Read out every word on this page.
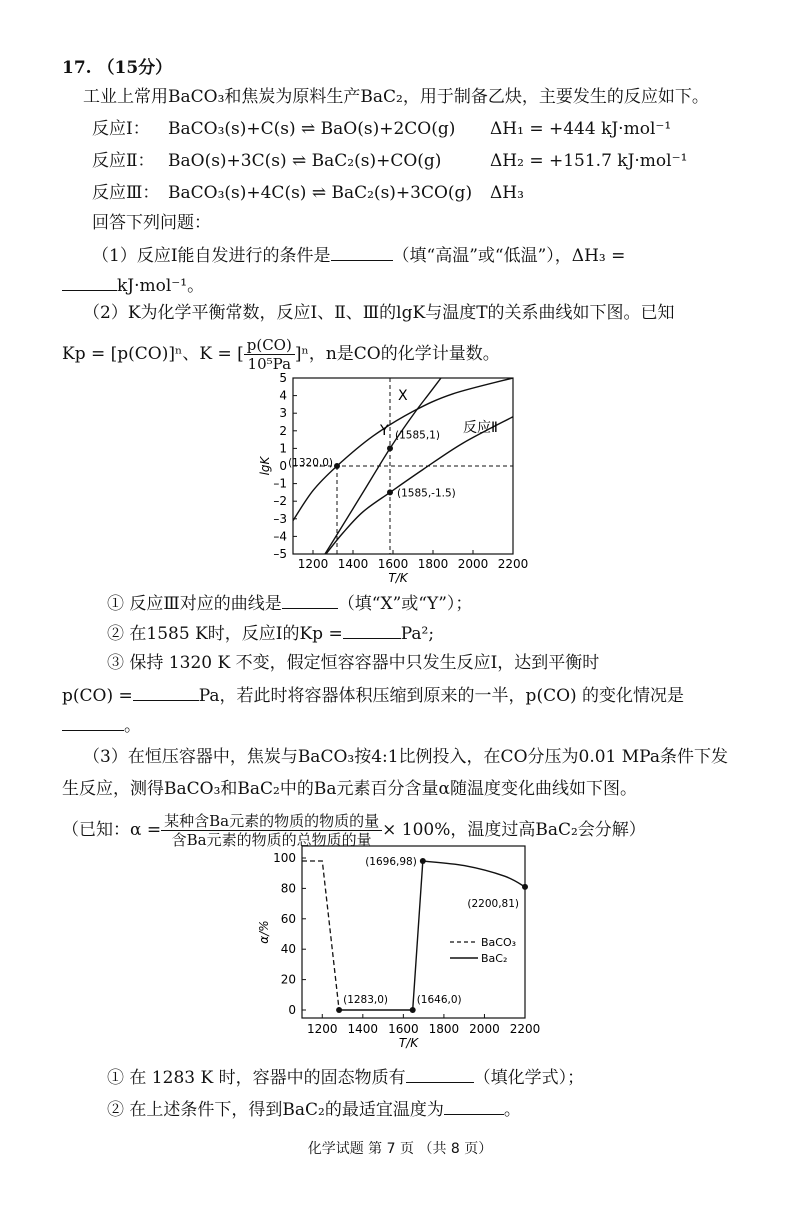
17. （15分）
工业上常用BaCO₃和焦炭为原料生产BaC₂，用于制备乙炔，主要发生的反应如下。
反应Ⅰ： BaCO₃(s)+C(s) ⇌ BaO(s)+2CO(g) ΔH₁ = +444 kJ·mol⁻¹
反应Ⅱ： BaO(s)+3C(s) ⇌ BaC₂(s)+CO(g)	ΔH₂ = +151.7 kJ·mol⁻¹
反应Ⅲ： BaCO₃(s)+4C(s) ⇌ BaC₂(s)+3CO(g) ΔH₃
回答下列问题：
（1）反应Ⅰ能自发进行的条件是	（填“高温”或“低温”），ΔH₃ =
kJ·mol⁻¹。
（2）K为化学平衡常数，反应Ⅰ、Ⅱ、Ⅲ的lgK与温度T的关系曲线如下图。已知
Kp = [p(CO)]ⁿ、K = [ $\frac{p(CO)}{\text{10⁵Pa}} ]^n$，n是CO的化学计量数。
–5
–4
–3
–2
–1
0
1
2
3
4
5
1200 1400 1600 1800 2000 2200
T/K
lgK (1320,0)
(1585,1)
(1585,-1.5)
X
Y	反应Ⅱ
① 反应Ⅲ对应的曲线是	（填“X”或“Y”）；
② 在1585 K时，反应Ⅰ的Kp =	Pa²;
③ 保持 1320 K 不变，假定恒容容器中只发生反应Ⅰ，达到平衡时
p(CO) =	Pa，若此时将容器体积压缩到原来的一半，p(CO) 的变化情况是
。
（3）在恒压容器中，焦炭与BaCO₃按4:1比例投入，在CO分压为0.01 MPa条件下发
生反应，测得BaCO₃和BaC₂中的Ba元素百分含量α随温度变化曲线如下图。
（已知：$\alpha = \frac{\text{某种含Ba元素的物质的物质的量}}{\text{含Ba元素的物质的总物质的量}} \times 100\%$，温度过高BaC₂会分解）
0
20
40
60
80
100
1200 1400 1600 1800 2000 2200
T/K
α/%
(1696,98)
(2200,81)
(1283,0)	(1646,0)
BaCO₃
BaC₂
① 在 1283 K 时，容器中的固态物质有	（填化学式）；
② 在上述条件下，得到BaC₂的最适宜温度为	。
化学试题 第 7 页 （共 8 页）
